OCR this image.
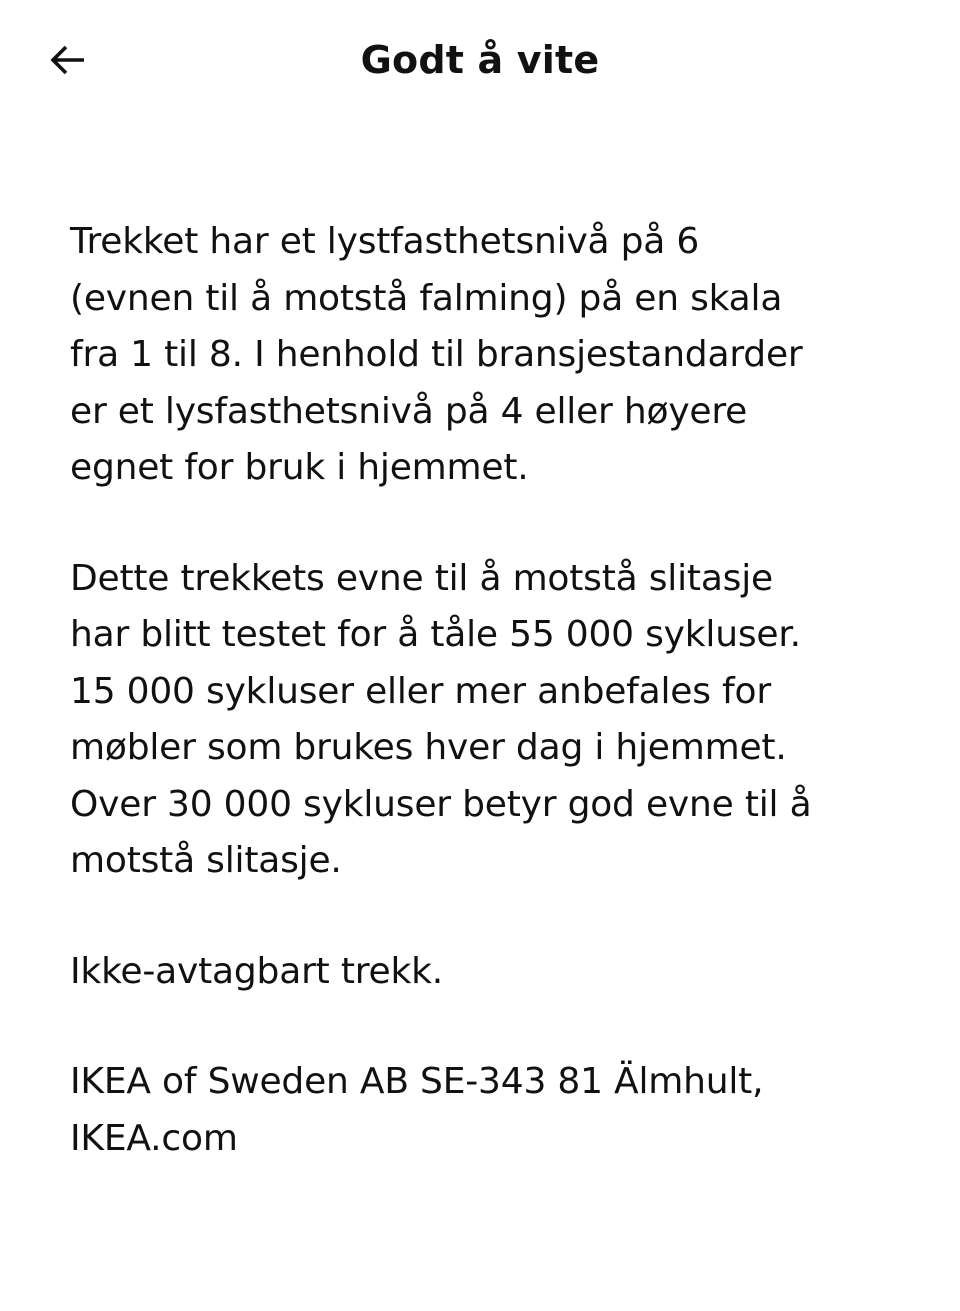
Godt å vite

Trekket har et lystfasthetsnivå på 6
(evnen til å motstå falming) på en skala
fra 1 til 8. I henhold til bransjestandarder
er et lysfasthetsnivå på 4 eller høyere
egnet for bruk i hjemmet.

Dette trekkets evne til å motstå slitasje
har blitt testet for å tåle 55 000 sykluser.
15 000 sykluser eller mer anbefales for
møbler som brukes hver dag i hjemmet.
Over 30 000 sykluser betyr god evne til å
motstå slitasje.

Ikke-avtagbart trekk.

IKEA of Sweden AB SE-343 81 Älmhult,
IKEA.com
